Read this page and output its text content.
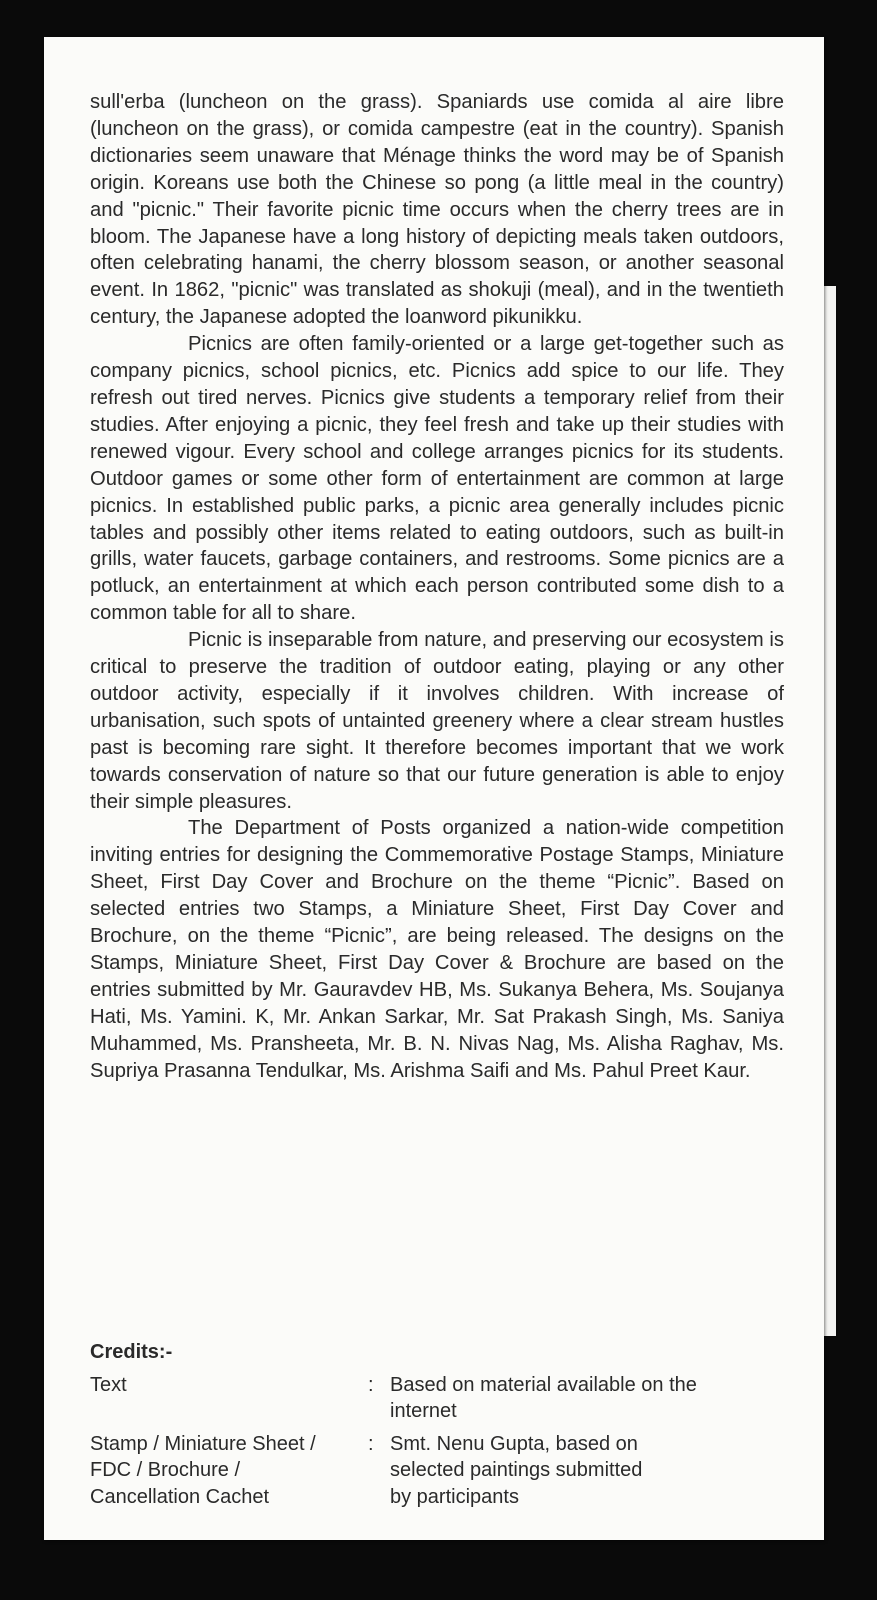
sull'erba (luncheon on the grass). Spaniards use comida al aire libre (luncheon on the grass), or comida campestre (eat in the country). Spanish dictionaries seem unaware that Ménage thinks the word may be of Spanish origin. Koreans use both the Chinese so pong (a little meal in the country) and "picnic." Their favorite picnic time occurs when the cherry trees are in bloom. The Japanese have a long history of depicting meals taken outdoors, often celebrating hanami, the cherry blossom season, or another seasonal event. In 1862, "picnic" was translated as shokuji (meal), and in the twentieth century, the Japanese adopted the loanword pikunikku.

Picnics are often family-oriented or a large get-together such as company picnics, school picnics, etc. Picnics add spice to our life. They refresh out tired nerves. Picnics give students a temporary relief from their studies. After enjoying a picnic, they feel fresh and take up their studies with renewed vigour. Every school and college arranges picnics for its students. Outdoor games or some other form of entertainment are common at large picnics. In established public parks, a picnic area generally includes picnic tables and possibly other items related to eating outdoors, such as built-in grills, water faucets, garbage containers, and restrooms. Some picnics are a potluck, an entertainment at which each person contributed some dish to a common table for all to share.

Picnic is inseparable from nature, and preserving our ecosystem is critical to preserve the tradition of outdoor eating, playing or any other outdoor activity, especially if it involves children. With increase of urbanisation, such spots of untainted greenery where a clear stream hustles past is becoming rare sight. It therefore becomes important that we work towards conservation of nature so that our future generation is able to enjoy their simple pleasures.

The Department of Posts organized a nation-wide competition inviting entries for designing the Commemorative Postage Stamps, Miniature Sheet, First Day Cover and Brochure on the theme “Picnic”. Based on selected entries two Stamps, a Miniature Sheet, First Day Cover and Brochure, on the theme “Picnic”, are being released. The designs on the Stamps, Miniature Sheet, First Day Cover & Brochure are based on the entries submitted by Mr. Gauravdev HB, Ms. Sukanya Behera, Ms. Soujanya Hati, Ms. Yamini. K, Mr. Ankan Sarkar, Mr. Sat Prakash Singh, Ms. Saniya Muhammed, Ms. Pransheeta, Mr. B. N. Nivas Nag, Ms. Alisha Raghav, Ms. Supriya Prasanna Tendulkar, Ms. Arishma Saifi and Ms. Pahul Preet Kaur.

Credits:-
Text	: Based on material available on the
internet
Stamp / Miniature Sheet /
FDC / Brochure /
Cancellation Cachet
: Smt. Nenu Gupta, based on
selected paintings submitted
by participants
